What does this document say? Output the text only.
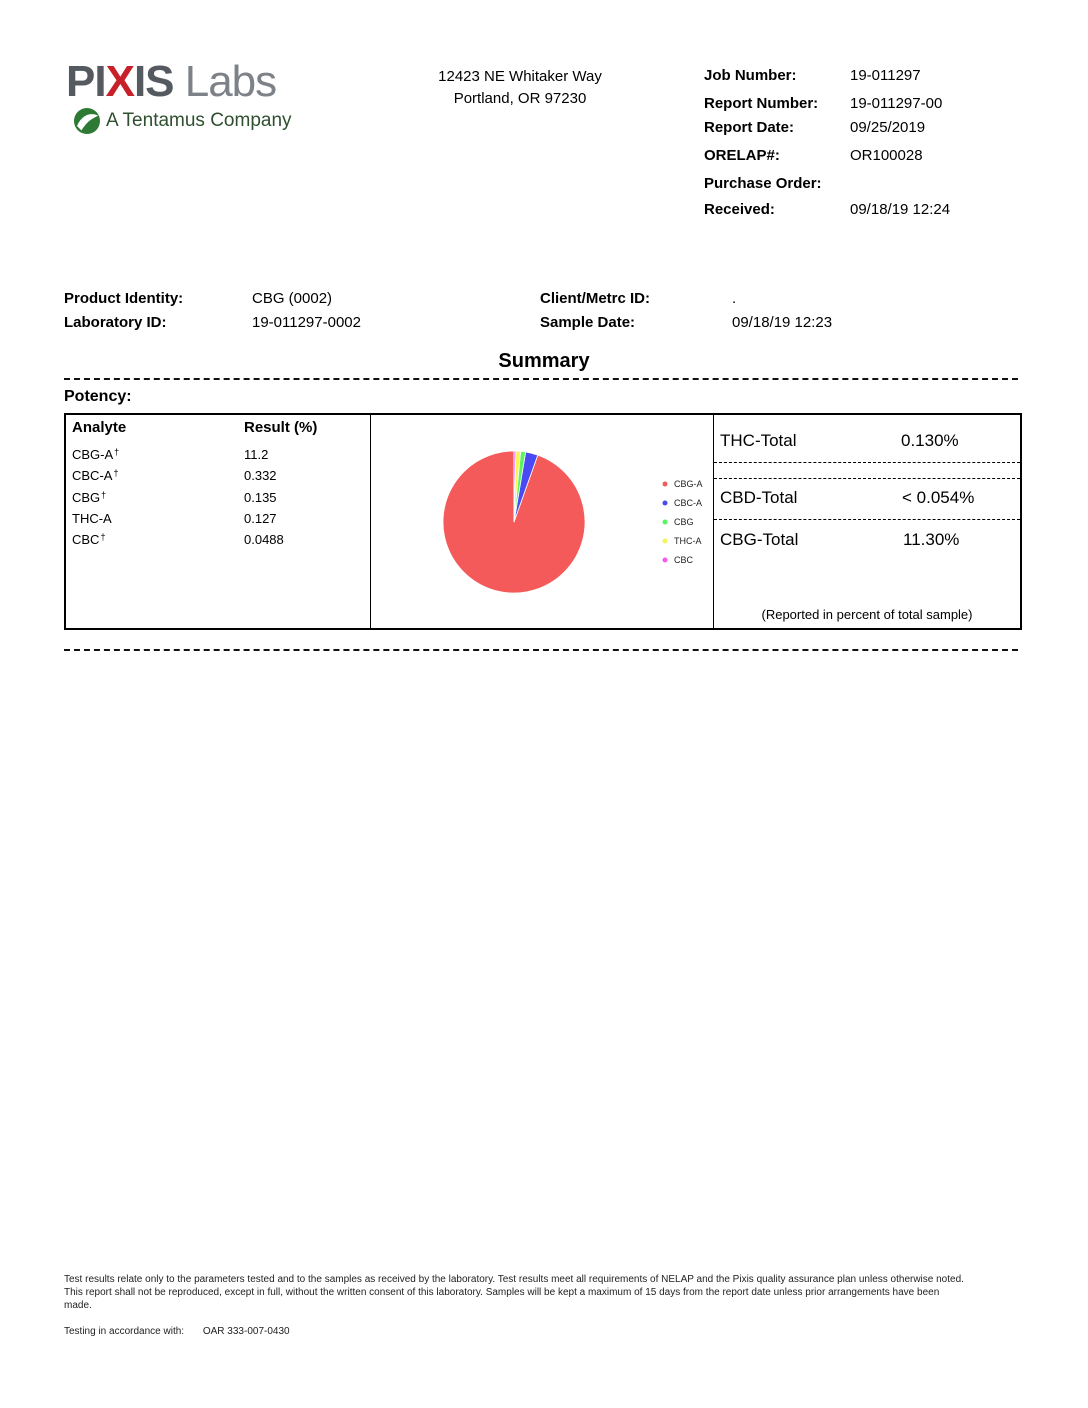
PIXIS Labs
A Tentamus Company
12423 NE Whitaker Way
Portland, OR 97230
Job Number:	19-011297
Report Number: 19-011297-00
Report Date:	09/25/2019
ORELAP#:	OR100028
Purchase Order:
Received:	09/18/19 12:24
Product Identity:	CBG (0002)
Laboratory ID:	19-011297-0002
Client/Metrc ID:	.
Sample Date:	09/18/19 12:23
Summary
Potency:
Analyte	Result (%)
CBG-A†	11.2
CBC-A†	0.332
CBG†	0.135
THC-A	0.127
CBC†	0.0488
CBG-A
CBC-A
CBG
THC-A
CBC
THC-Total	0.130%
CBD-Total	< 0.054%
CBG-Total	11.30%
(Reported in percent of total sample)
Test results relate only to the parameters tested and to the samples as received by the laboratory. Test results meet all requirements of NELAP and the Pixis quality assurance plan unless otherwise noted. This report shall not be reproduced, except in full, without the written consent of this laboratory. Samples will be kept a maximum of 15 days from the report date unless prior arrangements have been made.
Testing in accordance with: OAR 333-007-0430
